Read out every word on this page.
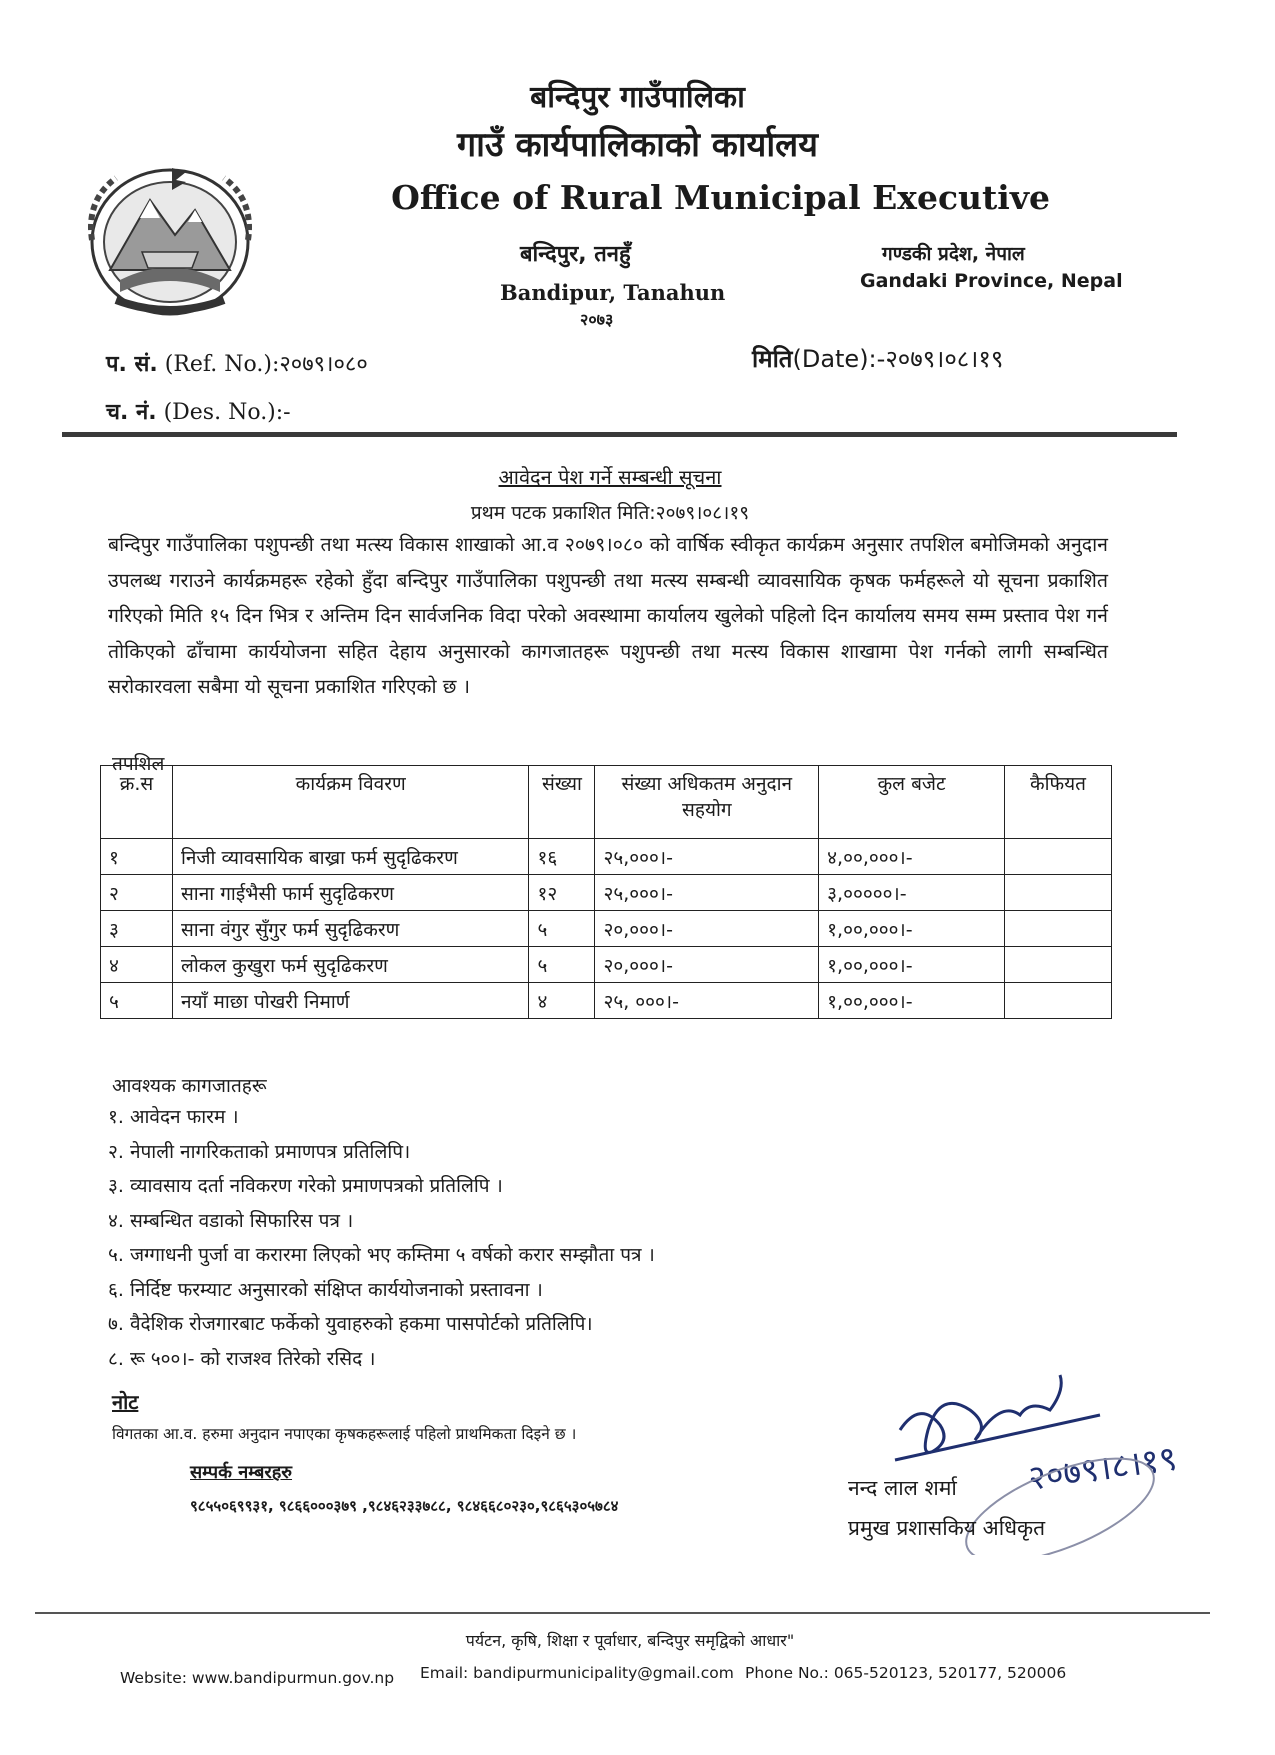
बन्दिपुर गाउँपालिका
गाउँ कार्यपालिकाको कार्यालय
Office of Rural Municipal Executive
बन्दिपुर, तनहुँ
Bandipur, Tanahun
२०७३
गण्डकी प्रदेश, नेपाल
Gandaki Province, Nepal
प. सं. (Ref. No.):२०७९।०८०
च. नं. (Des. No.):-
मिति(Date):-२०७९।०८।१९
आवेदन पेश गर्ने सम्बन्धी सूचना
प्रथम पटक प्रकाशित मिति:२०७९।०८।१९
बन्दिपुर गाउँपालिका पशुपन्छी तथा मत्स्य विकास शाखाको आ.व २०७९।०८० को वार्षिक स्वीकृत कार्यक्रम अनुसार तपशिल बमोजिमको अनुदान उपलब्ध गराउने कार्यक्रमहरू रहेको हुँदा बन्दिपुर गाउँपालिका पशुपन्छी तथा मत्स्य सम्बन्धी व्यावसायिक कृषक फर्महरूले यो सूचना प्रकाशित गरिएको मिति १५ दिन भित्र र अन्तिम दिन सार्वजनिक विदा परेको अवस्थामा कार्यालय खुलेको पहिलो दिन कार्यालय समय सम्म प्रस्ताव पेश गर्न तोकिएको ढाँचामा कार्ययोजना सहित देहाय अनुसारको कागजातहरू पशुपन्छी तथा मत्स्य विकास शाखामा पेश गर्नको लागी सम्बन्धित सरोकारवला सबैमा यो सूचना प्रकाशित गरिएको छ ।
तपशिल
क्र.स	कार्यक्रम विवरण	संख्या	संख्या अधिकतम अनुदान सहयोग	कुल बजेट	कैफियत
१	निजी व्यावसायिक बाख्रा फर्म सुदृढिकरण	१६	२५,०००।-	४,००,०००।-	
२	साना गाईभैसी फार्म सुदृढिकरण	१२	२५,०००।-	३,०००००।-	
३	साना वंगुर सुँगुर फर्म सुदृढिकरण	५	२०,०००।-	१,००,०००।-	
४	लोकल कुखुरा फर्म सुदृढिकरण	५	२०,०००।-	१,००,०००।-	
५	नयाँ माछा पोखरी निमार्ण	४	२५, ०००।-	१,००,०००।-	
आवश्यक कागजातहरू
१. आवेदन फारम ।
२. नेपाली नागरिकताको प्रमाणपत्र प्रतिलिपि।
३. व्यावसाय दर्ता नविकरण गरेको प्रमाणपत्रको प्रतिलिपि ।
४. सम्बन्धित वडाको सिफारिस पत्र ।
५. जग्गाधनी पुर्जा वा करारमा लिएको भए कम्तिमा ५ वर्षको करार सम्झौता पत्र ।
६. निर्दिष्ट फरम्याट अनुसारको संक्षिप्त कार्ययोजनाको प्रस्तावना ।
७. वैदेशिक रोजगारबाट फर्केको युवाहरुको हकमा पासपोर्टको प्रतिलिपि।
८. रू ५००।- को राजश्व तिरेको रसिद ।
नोट
विगतका आ.व. हरुमा अनुदान नपाएका कृषकहरूलाई पहिलो प्राथमिकता दिइने छ ।
सम्पर्क नम्बरहरु
९८५५०६९९३१, ९८६६०००३७९ ,९८४६२३३७८८, ९८४६६८०२३०,९८६५३०५७८४
२०७९।८।१९
नन्द लाल शर्मा
प्रमुख प्रशासकिय अधिकृत
पर्यटन, कृषि, शिक्षा र पूर्वाधार, बन्दिपुर समृद्विको आधार"
Website: www.bandipurmun.gov.np Email: bandipurmunicipality@gmail.com Phone No.: 065-520123, 520177, 520006
